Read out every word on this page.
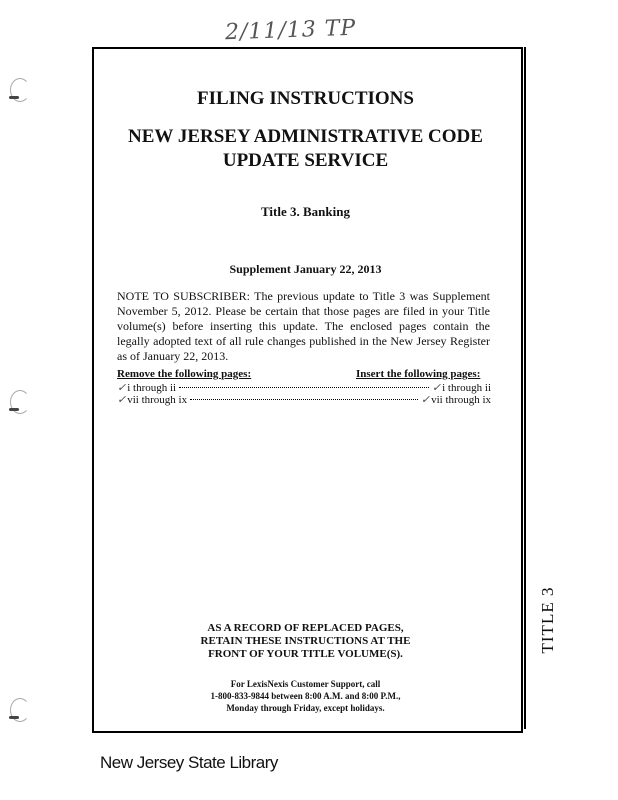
2/11/13 TP
TITLE 3
FILING INSTRUCTIONS
NEW JERSEY ADMINISTRATIVE CODE
UPDATE SERVICE
Title 3. Banking
Supplement January 22, 2013
NOTE TO SUBSCRIBER: The previous update to Title 3 was Supplement November 5, 2012. Please be certain that those pages are filed in your Title volume(s) before inserting this update. The enclosed pages contain the legally adopted text of all rule changes published in the New Jersey Register as of January 22, 2013.
Remove the following pages:	Insert the following pages:
✓ i through ii	✓ i through ii
✓ vii through ix	✓ vii through ix
AS A RECORD OF REPLACED PAGES,
RETAIN THESE INSTRUCTIONS AT THE
FRONT OF YOUR TITLE VOLUME(S).
For LexisNexis Customer Support, call
1-800-833-9844 between 8:00 A.M. and 8:00 P.M.,
Monday through Friday, except holidays.
New Jersey State Library
